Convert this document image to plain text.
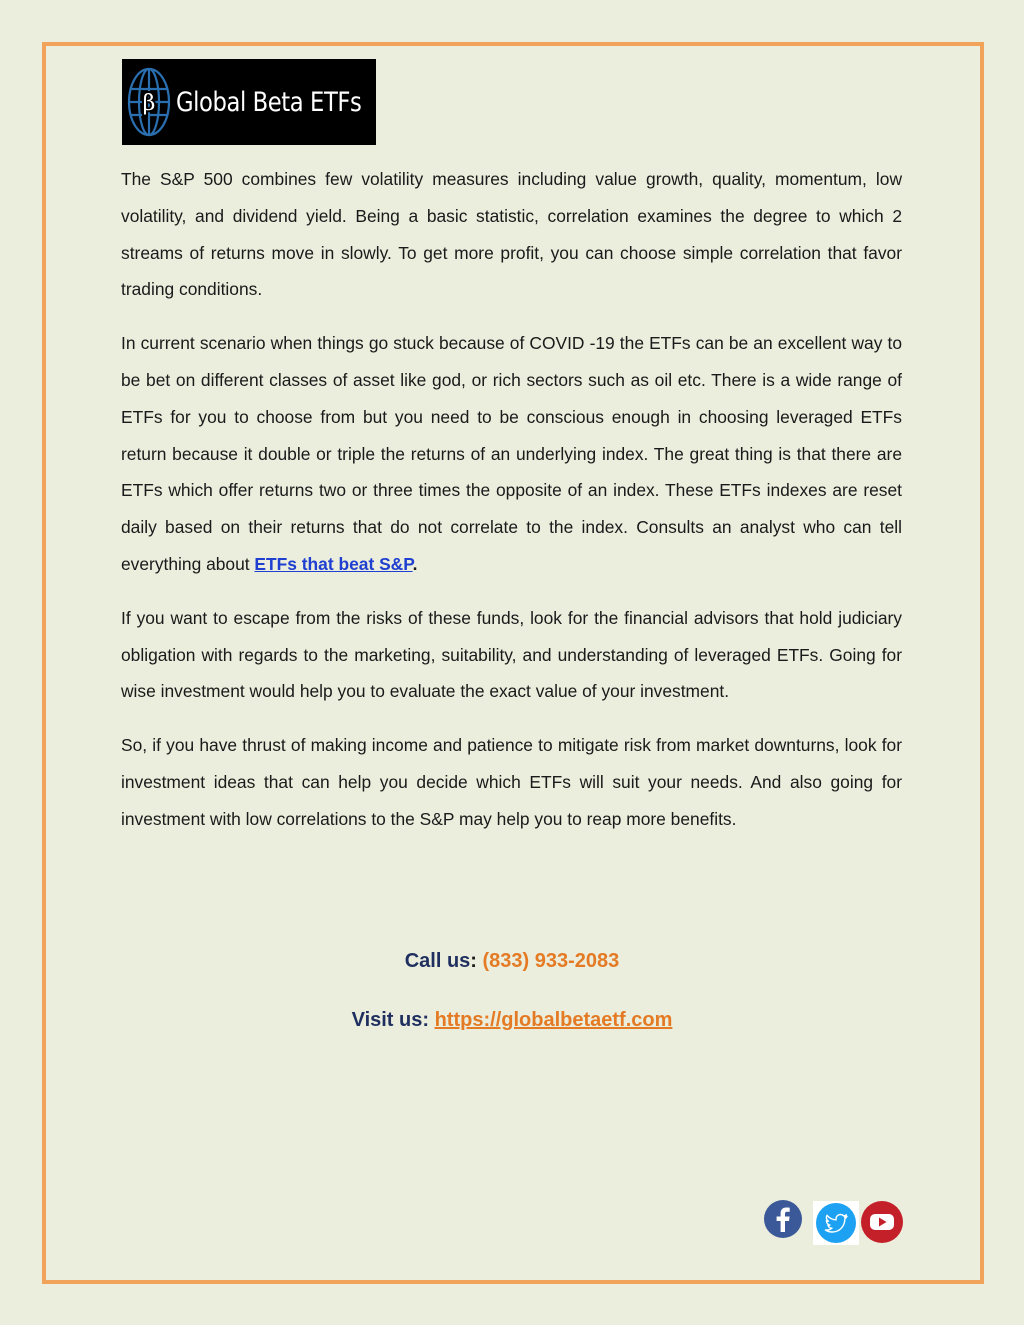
β Global Beta ETFs

The S&P 500 combines few volatility measures including value growth, quality, momentum, low volatility, and dividend yield. Being a basic statistic, correlation examines the degree to which 2 streams of returns move in slowly. To get more profit, you can choose simple correlation that favor trading conditions.

In current scenario when things go stuck because of COVID -19 the ETFs can be an excellent way to be bet on different classes of asset like god, or rich sectors such as oil etc. There is a wide range of ETFs for you to choose from but you need to be conscious enough in choosing leveraged ETFs return because it double or triple the returns of an underlying index. The great thing is that there are ETFs which offer returns two or three times the opposite of an index. These ETFs indexes are reset daily based on their returns that do not correlate to the index. Consults an analyst who can tell everything about ETFs that beat S&P.

If you want to escape from the risks of these funds, look for the financial advisors that hold judiciary obligation with regards to the marketing, suitability, and understanding of leveraged ETFs. Going for wise investment would help you to evaluate the exact value of your investment.

So, if you have thrust of making income and patience to mitigate risk from market downturns, look for investment ideas that can help you decide which ETFs will suit your needs. And also going for investment with low correlations to the S&P may help you to reap more benefits.

Call us: (833) 933-2083
Visit us: https://globalbetaetf.com
